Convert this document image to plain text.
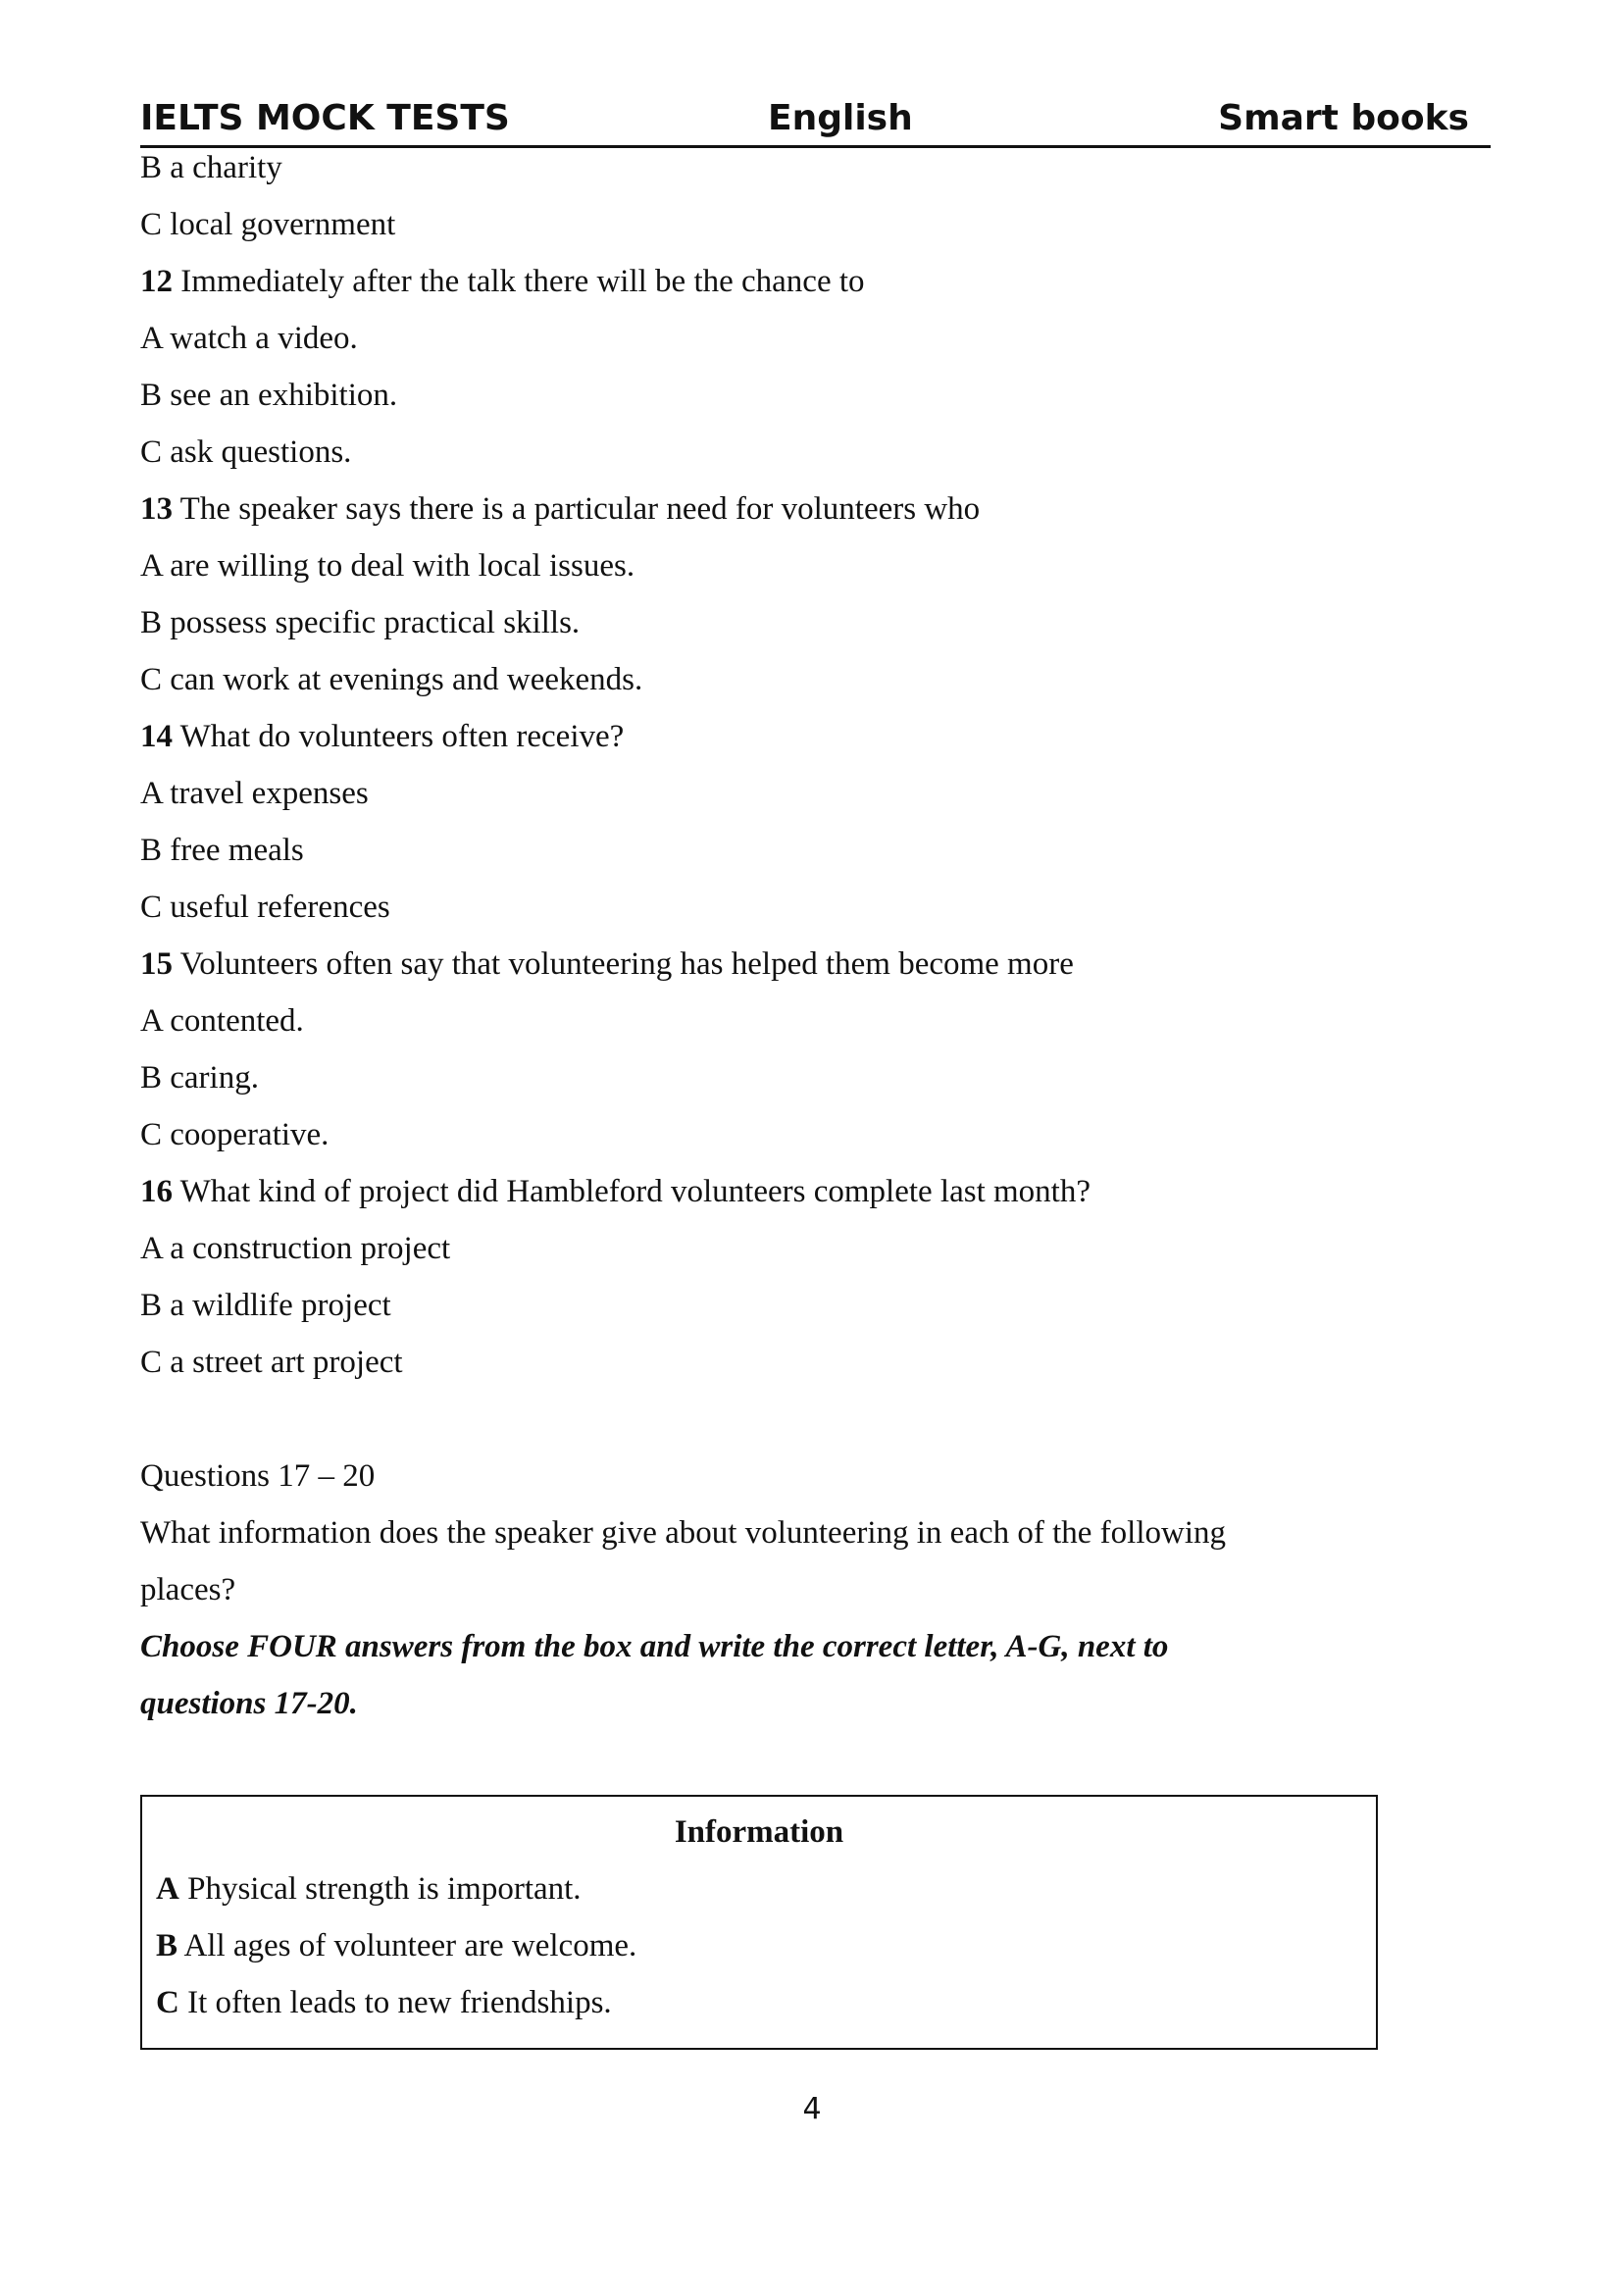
IELTS MOCK TESTS	English	Smart books
B a charity
C local government
12 Immediately after the talk there will be the chance to
A watch a video.
B see an exhibition.
C ask questions.
13 The speaker says there is a particular need for volunteers who
A are willing to deal with local issues.
B possess specific practical skills.
C can work at evenings and weekends.
14 What do volunteers often receive?
A travel expenses
B free meals
C useful references
15 Volunteers often say that volunteering has helped them become more
A contented.
B caring.
C cooperative.
16 What kind of project did Hambleford volunteers complete last month?
A a construction project
B a wildlife project
C a street art project
Questions 17 – 20
What information does the speaker give about volunteering in each of the following
places?
Choose FOUR answers from the box and write the correct letter, A-G, next to
questions 17-20.
Information
A Physical strength is important.
B All ages of volunteer are welcome.
C It often leads to new friendships.
4
